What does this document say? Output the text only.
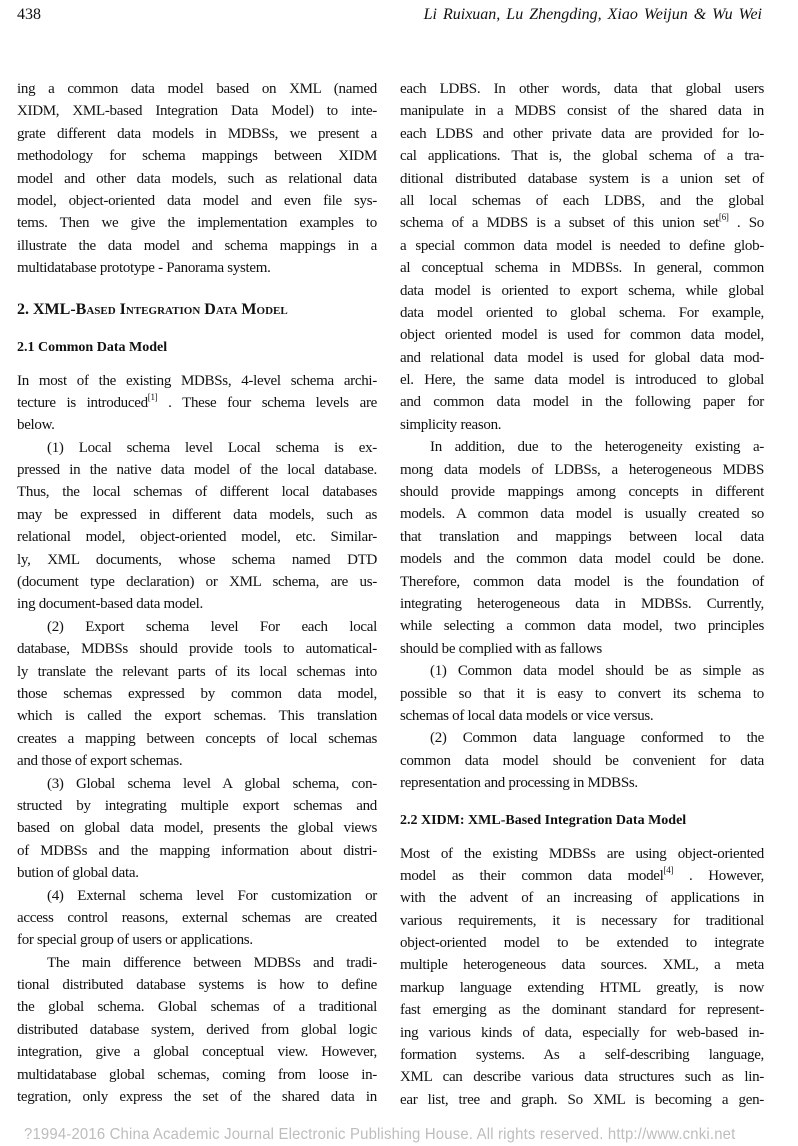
438	Li Ruixuan, Lu Zhengding, Xiao Weijun & Wu Wei
ing a common data model based on XML (named
XIDM, XML-based Integration Data Model) to inte-
grate different data models in MDBSs, we present a
methodology for schema mappings between XIDM
model and other data models, such as relational data
model, object-oriented data model and even file sys-
tems. Then we give the implementation examples to
illustrate the data model and schema mappings in a
multidatabase prototype - Panorama system.
2. XML-Based Integration Data Model
2.1 Common Data Model
In most of the existing MDBSs, 4-level schema archi-
tecture is introduced[1] . These four schema levels are
below.
(1) Local schema level Local schema is ex-
pressed in the native data model of the local database.
Thus, the local schemas of different local databases
may be expressed in different data models, such as
relational model, object-oriented model, etc. Similar-
ly, XML documents, whose schema named DTD
(document type declaration) or XML schema, are us-
ing document-based data model.
(2) Export schema level For each local
database, MDBSs should provide tools to automatical-
ly translate the relevant parts of its local schemas into
those schemas expressed by common data model,
which is called the export schemas. This translation
creates a mapping between concepts of local schemas
and those of export schemas.
(3) Global schema level A global schema, con-
structed by integrating multiple export schemas and
based on global data model, presents the global views
of MDBSs and the mapping information about distri-
bution of global data.
(4) External schema level For customization or
access control reasons, external schemas are created
for special group of users or applications.
The main difference between MDBSs and tradi-
tional distributed database systems is how to define
the global schema. Global schemas of a traditional
distributed database system, derived from global logic
integration, give a global conceptual view. However,
multidatabase global schemas, coming from loose in-
tegration, only express the set of the shared data in
each LDBS. In other words, data that global users
manipulate in a MDBS consist of the shared data in
each LDBS and other private data are provided for lo-
cal applications. That is, the global schema of a tra-
ditional distributed database system is a union set of
all local schemas of each LDBS, and the global
schema of a MDBS is a subset of this union set[6] . So
a special common data model is needed to define glob-
al conceptual schema in MDBSs. In general, common
data model is oriented to export schema, while global
data model oriented to global schema. For example,
object oriented model is used for common data model,
and relational data model is used for global data mod-
el. Here, the same data model is introduced to global
and common data model in the following paper for
simplicity reason.
In addition, due to the heterogeneity existing a-
mong data models of LDBSs, a heterogeneous MDBS
should provide mappings among concepts in different
models. A common data model is usually created so
that translation and mappings between local data
models and the common data model could be done.
Therefore, common data model is the foundation of
integrating heterogeneous data in MDBSs. Currently,
while selecting a common data model, two principles
should be complied with as fallows
(1) Common data model should be as simple as
possible so that it is easy to convert its schema to
schemas of local data models or vice versus.
(2) Common data language conformed to the
common data model should be convenient for data
representation and processing in MDBSs.
2.2 XIDM: XML-Based Integration Data Model
Most of the existing MDBSs are using object-oriented
model as their common data model[4] . However,
with the advent of an increasing of applications in
various requirements, it is necessary for traditional
object-oriented model to be extended to integrate
multiple heterogeneous data sources. XML, a meta
markup language extending HTML greatly, is now
fast emerging as the dominant standard for represent-
ing various kinds of data, especially for web-based in-
formation systems. As a self-describing language,
XML can describe various data structures such as lin-
ear list, tree and graph. So XML is becoming a gen-
?1994-2016 China Academic Journal Electronic Publishing House. All rights reserved. http://www.cnki.net
